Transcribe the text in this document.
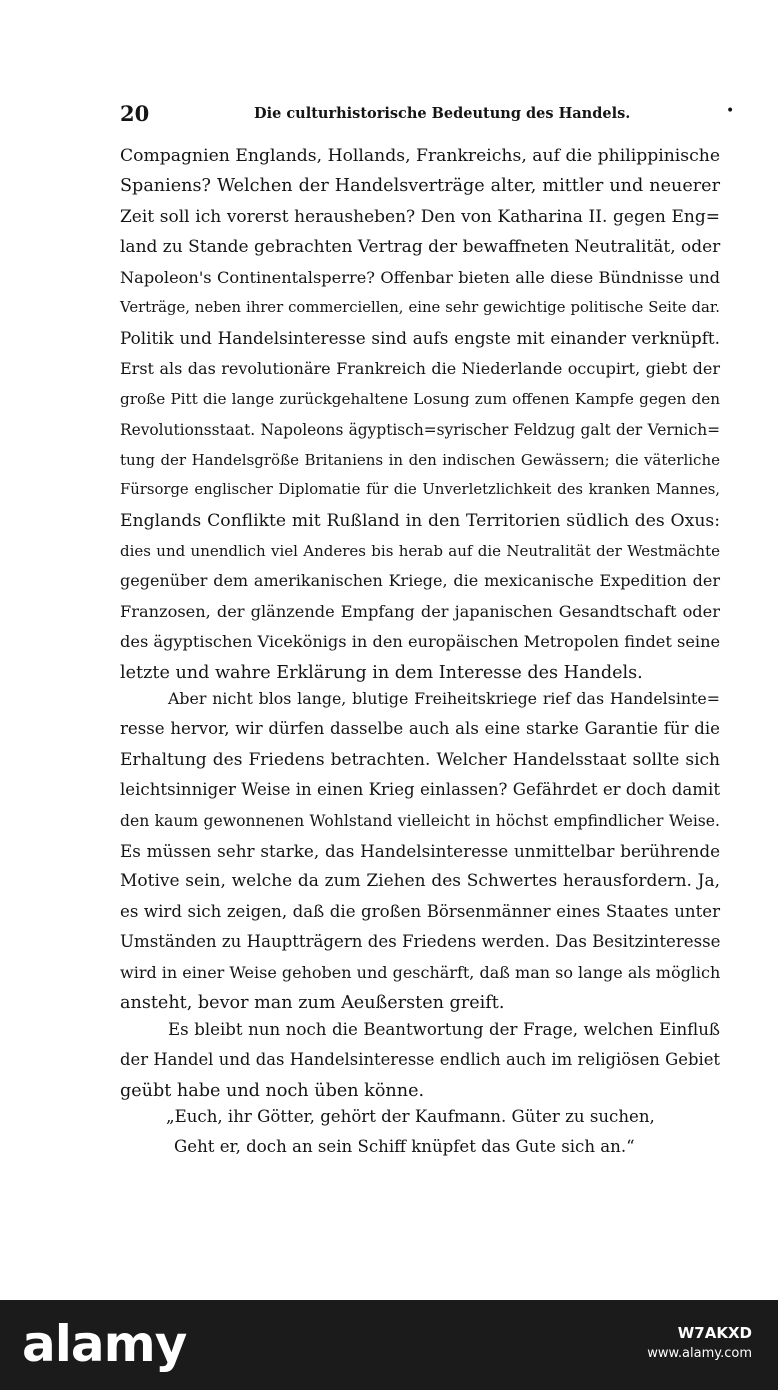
20	Die culturhistorische Bedeutung des Handels.	•
Compagnien Englands, Hollands, Frankreichs, auf die philippinische
Spaniens? Welchen der Handelsverträge alter, mittler und neuerer
Zeit soll ich vorerst herausheben? Den von Katharina II. gegen Eng=
land zu Stande gebrachten Vertrag der bewaffneten Neutralität, oder
Napoleon's Continentalsperre? Offenbar bieten alle diese Bündnisse und
Verträge, neben ihrer commerciellen, eine sehr gewichtige politische Seite dar.
Politik und Handelsinteresse sind aufs engste mit einander verknüpft.
Erst als das revolutionäre Frankreich die Niederlande occupirt, giebt der
große Pitt die lange zurückgehaltene Losung zum offenen Kampfe gegen den
Revolutionsstaat. Napoleons ägyptisch=syrischer Feldzug galt der Vernich=
tung der Handelsgröße Britaniens in den indischen Gewässern; die väterliche
Fürsorge englischer Diplomatie für die Unverletzlichkeit des kranken Mannes,
Englands Conflikte mit Rußland in den Territorien südlich des Oxus:
dies und unendlich viel Anderes bis herab auf die Neutralität der Westmächte
gegenüber dem amerikanischen Kriege, die mexicanische Expedition der
Franzosen, der glänzende Empfang der japanischen Gesandtschaft oder
des ägyptischen Vicekönigs in den europäischen Metropolen findet seine
letzte und wahre Erklärung in dem Interesse des Handels.
Aber nicht blos lange, blutige Freiheitskriege rief das Handelsinte=
resse hervor, wir dürfen dasselbe auch als eine starke Garantie für die
Erhaltung des Friedens betrachten. Welcher Handelsstaat sollte sich
leichtsinniger Weise in einen Krieg einlassen? Gefährdet er doch damit
den kaum gewonnenen Wohlstand vielleicht in höchst empfindlicher Weise.
Es müssen sehr starke, das Handelsinteresse unmittelbar berührende
Motive sein, welche da zum Ziehen des Schwertes herausfordern. Ja,
es wird sich zeigen, daß die großen Börsenmänner eines Staates unter
Umständen zu Hauptträgern des Friedens werden. Das Besitzinteresse
wird in einer Weise gehoben und geschärft, daß man so lange als möglich
ansteht, bevor man zum Aeußersten greift.
Es bleibt nun noch die Beantwortung der Frage, welchen Einfluß
der Handel und das Handelsinteresse endlich auch im religiösen Gebiet
geübt habe und noch üben könne.
„Euch, ihr Götter, gehört der Kaufmann. Güter zu suchen,
Geht er, doch an sein Schiff knüpfet das Gute sich an.“
alamy	W7AKXD
www.alamy.com
